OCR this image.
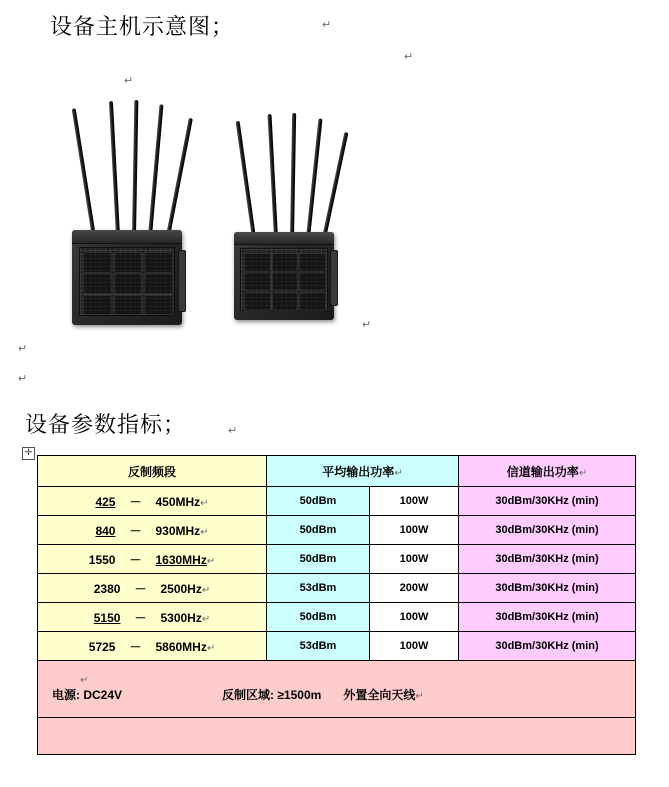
设备主机示意图；	↵
↵
↵
↵
↵
↵
设备参数指标；	↵
✛
反制频段	平均输出功率↵		信道输出功率↵
425 － 450MHz↵	50dBm	100W	30dBm/30KHz (min)
840 － 930MHz↵	50dBm	100W	30dBm/30KHz (min)
1550 － 1630MHz↵	50dBm	100W	30dBm/30KHz (min)
2380 － 2500Hz↵	53dBm	200W	30dBm/30KHz (min)
5150 － 5300Hz↵	50dBm	100W	30dBm/30KHz (min)
5725 － 5860MHz↵	53dBm	100W	30dBm/30KHz (min)

↵
电源: DC24V 反制区域: ≥1500m 外置全向天线↵			
